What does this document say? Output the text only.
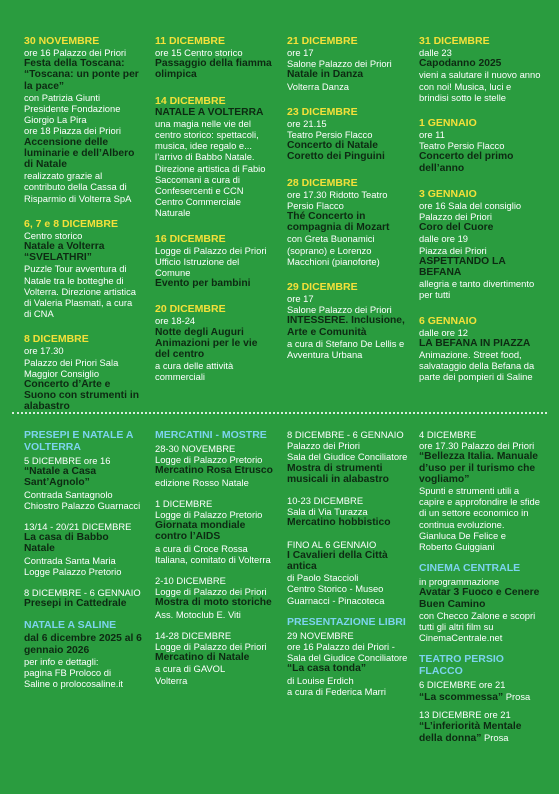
30 NOVEMBRE
ore 16 Palazzo dei Priori
Festa della Toscana: “Toscana: un ponte per la pace”
con Patrizia Giunti
Presidente Fondazione
Giorgio La Pira
ore 18 Piazza dei Priori
Accensione delle luminarie e dell’Albero di Natale
realizzato grazie al contributo della Cassa di Risparmio di Volterra SpA
6, 7 e 8 DICEMBRE
Centro storico
Natale a Volterra “SVELATHRI”
Puzzle Tour avventura di Natale tra le botteghe di Volterra. Direzione artistica di Valeria Plasmati, a cura di CNA
8 DICEMBRE
ore 17.30
Palazzo dei Priori Sala Maggior Consiglio
Concerto d’Arte e Suono con strumenti in alabastro
11 DICEMBRE
ore 15 Centro storico
Passaggio della fiamma olimpica
14 DICEMBRE
NATALE A VOLTERRA
una magia nelle vie del centro storico: spettacoli, musica, idee regalo e... l’arrivo di Babbo Natale.
Direzione artistica di Fabio Saccomani a cura di Confesercenti e CCN Centro Commerciale Naturale
16 DICEMBRE
Logge di Palazzo dei Priori Ufficio Istruzione del Comune
Evento per bambini
20 DICEMBRE
ore 18-24
Notte degli Auguri Animazioni per le vie del centro
a cura delle attività commerciali
21 DICEMBRE
ore 17
Salone Palazzo dei Priori
Natale in Danza
Volterra Danza
23 DICEMBRE
ore 21.15
Teatro Persio Flacco
Concerto di Natale Coretto dei Pinguini
28 DICEMBRE
ore 17.30 Ridotto Teatro Persio Flacco
Thé Concerto in compagnia di Mozart
con Greta Buonamici (soprano) e Lorenzo Macchioni (pianoforte)
29 DICEMBRE
ore 17
Salone Palazzo dei Priori
INTESSERE. Inclusione, Arte e Comunità
a cura di Stefano De Lellis e Avventura Urbana
31 DICEMBRE
dalle 23
Capodanno 2025
vieni a salutare il nuovo anno con noi! Musica, luci e brindisi sotto le stelle
1 GENNAIO
ore 11
Teatro Persio Flacco
Concerto del primo dell’anno
3 GENNAIO
ore 16 Sala del consiglio Palazzo dei Priori
Coro del Cuore
dalle ore 19
Piazza dei Priori
ASPETTANDO LA BEFANA
allegria e tanto divertimento per tutti
6 GENNAIO
dalle ore 12
LA BEFANA IN PIAZZA
Animazione. Street food, salvataggio della Befana da parte dei pompieri di Saline
PRESEPI E NATALE A VOLTERRA
5 DICEMBRE ore 16
“Natale a Casa Sant’Agnolo”
Contrada Santagnolo
Chiostro Palazzo Guarnacci
13/14 - 20/21 DICEMBRE
La casa di Babbo Natale
Contrada Santa Maria
Logge Palazzo Pretorio
8 DICEMBRE - 6 GENNAIO
Presepi in Cattedrale
NATALE A SALINE
dal 6 dicembre 2025 al 6 gennaio 2026
per info e dettagli:
pagina FB Proloco di
Saline o prolocosaline.it
MERCATINI - MOSTRE
28-30 NOVEMBRE
Logge di Palazzo Pretorio
Mercatino Rosa Etrusco
edizione Rosso Natale
1 DICEMBRE
Logge di Palazzo Pretorio
Giornata mondiale contro l’AIDS
a cura di Croce Rossa Italiana, comitato di Volterra
2-10 DICEMBRE
Logge di Palazzo dei Priori
Mostra di moto storiche
Ass. Motoclub E. Viti
14-28 DICEMBRE
Logge di Palazzo dei Priori
Mercatino di Natale
a cura di GAVOL
Volterra
8 DICEMBRE - 6 GENNAIO
Palazzo dei Priori
Sala del Giudice Conciliatore
Mostra di strumenti musicali in alabastro
10-23 DICEMBRE
Sala di Via Turazza
Mercatino hobbistico
FINO AL 6 GENNAIO
I Cavalieri della Città antica
di Paolo Staccioli
Centro Storico - Museo Guarnacci - Pinacoteca
PRESENTAZIONE LIBRI
29 NOVEMBRE
ore 16 Palazzo dei Priori - Sala del Giudice Conciliatore
“La casa tonda”
di Louise Erdich
a cura di Federica Marri
4 DICEMBRE
ore 17.30 Palazzo dei Priori
“Bellezza Italia. Manuale d’uso per il turismo che vogliamo”
Spunti e strumenti utili a capire e approfondire le sfide di un settore economico in continua evoluzione.
Gianluca De Felice e Roberto Guiggiani
CINEMA CENTRALE
in programmazione
Avatar 3 Fuoco e Cenere Buen Camino
con Checco Zalone e scopri tutti gli altri film su CinemaCentrale.net
TEATRO PERSIO FLACCO
6 DICEMBRE ore 21
“La scommessa” Prosa
13 DICEMBRE ore 21
“L’inferiorità Mentale della donna” Prosa
